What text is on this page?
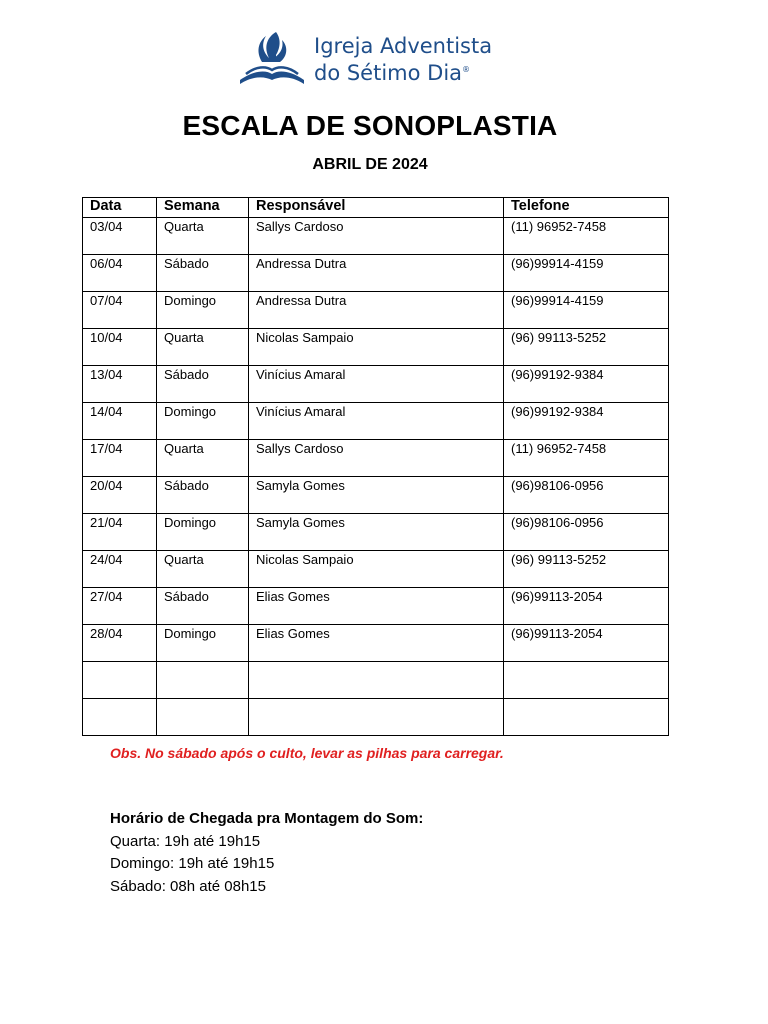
Igreja Adventista
do Sétimo Dia®
ESCALA DE SONOPLASTIA
ABRIL DE 2024
Data	Semana	Responsável	Telefone
03/04	Quarta	Sallys Cardoso	(11) 96952-7458
06/04	Sábado	Andressa Dutra	(96)99914-4159
07/04	Domingo	Andressa Dutra	(96)99914-4159
10/04	Quarta	Nicolas Sampaio	(96) 99113-5252
13/04	Sábado	Vinícius Amaral	(96)99192-9384
14/04	Domingo	Vinícius Amaral	(96)99192-9384
17/04	Quarta	Sallys Cardoso	(11) 96952-7458
20/04	Sábado	Samyla Gomes	(96)98106-0956
21/04	Domingo	Samyla Gomes	(96)98106-0956
24/04	Quarta	Nicolas Sampaio	(96) 99113-5252
27/04	Sábado	Elias Gomes	(96)99113-2054
28/04	Domingo	Elias Gomes	(96)99113-2054

Obs. No sábado após o culto, levar as pilhas para carregar.
Horário de Chegada pra Montagem do Som:
Quarta: 19h até 19h15
Domingo: 19h até 19h15
Sábado: 08h até 08h15
